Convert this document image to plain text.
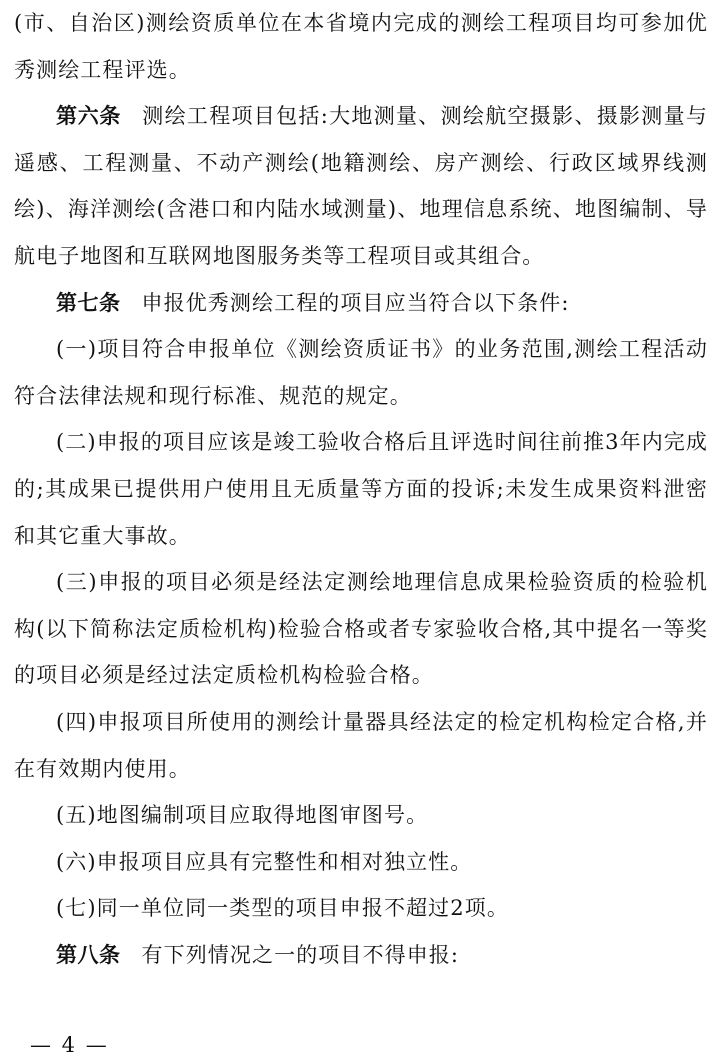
(市、自治区)测绘资质单位在本省境内完成的测绘工程项目均可参加优秀测绘工程评选。

第六条 测绘工程项目包括:大地测量、测绘航空摄影、摄影测量与遥感、工程测量、不动产测绘(地籍测绘、房产测绘、行政区域界线测绘)、海洋测绘(含港口和内陆水域测量)、地理信息系统、地图编制、导航电子地图和互联网地图服务类等工程项目或其组合。

第七条 申报优秀测绘工程的项目应当符合以下条件:

(一)项目符合申报单位《测绘资质证书》的业务范围,测绘工程活动符合法律法规和现行标准、规范的规定。

(二)申报的项目应该是竣工验收合格后且评选时间往前推3年内完成的;其成果已提供用户使用且无质量等方面的投诉;未发生成果资料泄密和其它重大事故。

(三)申报的项目必须是经法定测绘地理信息成果检验资质的检验机构(以下简称法定质检机构)检验合格或者专家验收合格,其中提名一等奖的项目必须是经过法定质检机构检验合格。

(四)申报项目所使用的测绘计量器具经法定的检定机构检定合格,并在有效期内使用。

(五)地图编制项目应取得地图审图号。

(六)申报项目应具有完整性和相对独立性。

(七)同一单位同一类型的项目申报不超过2项。

第八条 有下列情况之一的项目不得申报:

— 4 —
